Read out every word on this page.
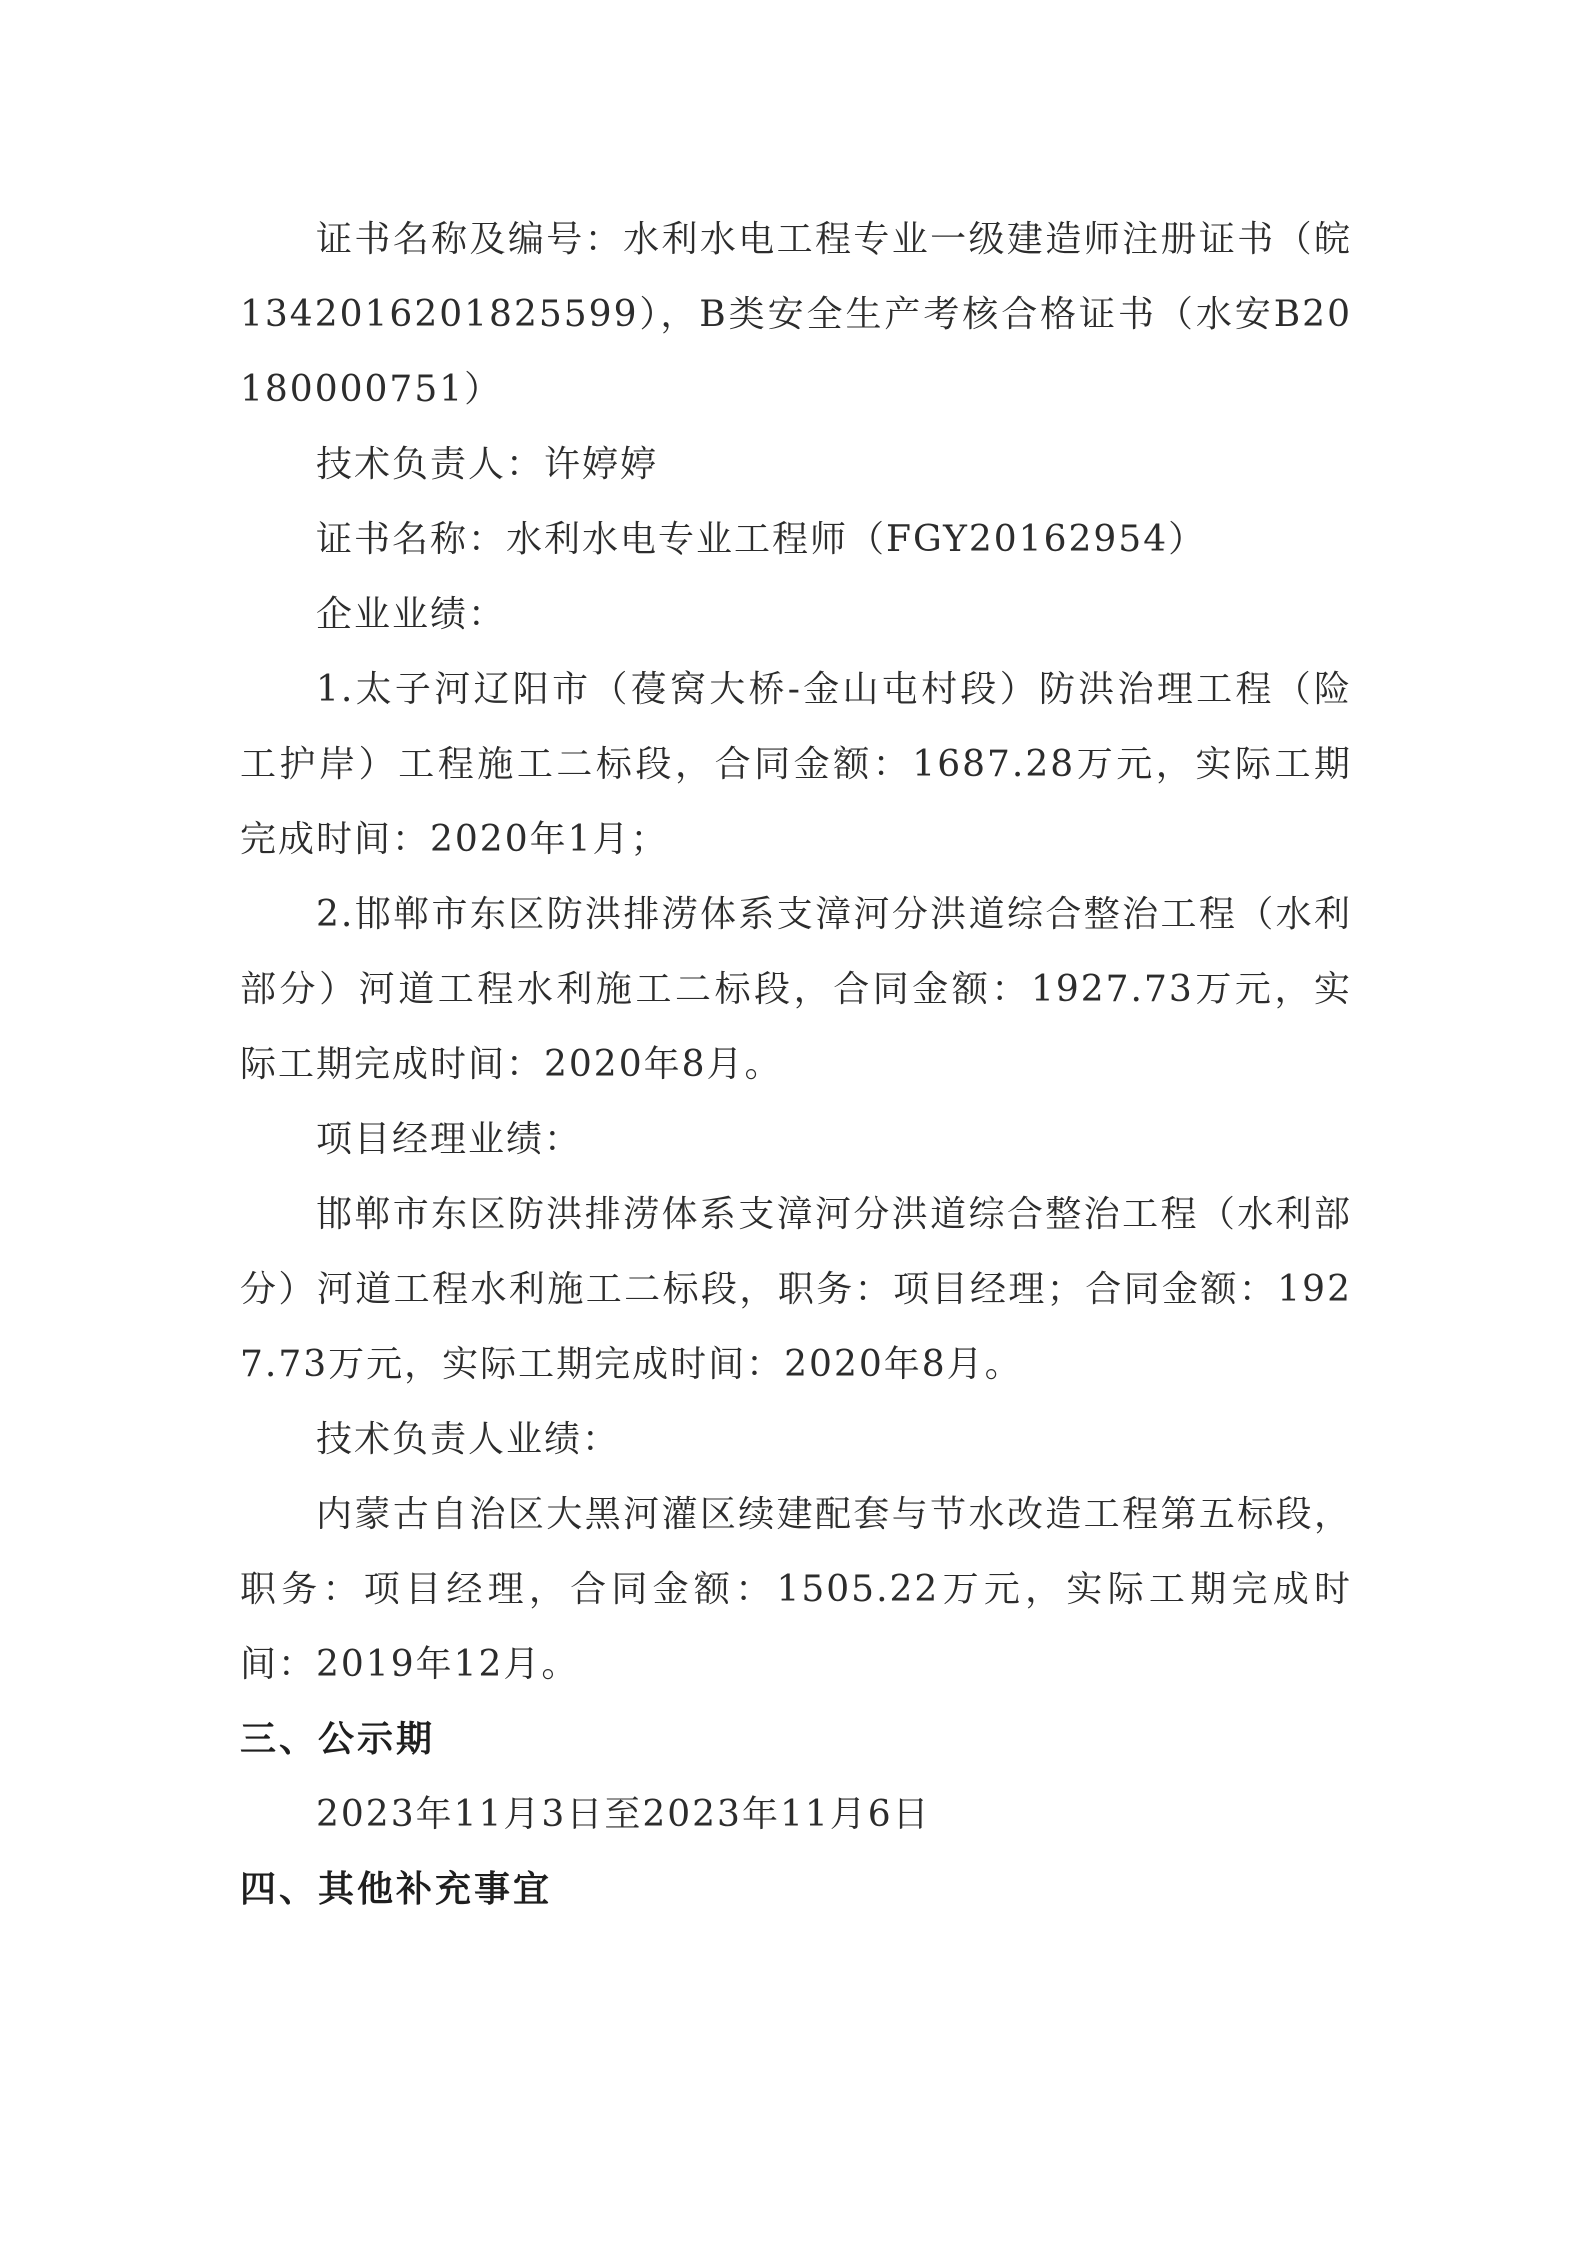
证书名称及编号：水利水电工程专业一级建造师注册证书（皖1342016201825599），B类安全生产考核合格证书（水安B20180000751）

技术负责人：许婷婷

证书名称：水利水电专业工程师（FGY20162954）

企业业绩：

1.太子河辽阳市（葠窝大桥-金山屯村段）防洪治理工程（险工护岸）工程施工二标段，合同金额：1687.28万元，实际工期完成时间：2020年1月；

2.邯郸市东区防洪排涝体系支漳河分洪道综合整治工程（水利部分）河道工程水利施工二标段，合同金额：1927.73万元，实际工期完成时间：2020年8月。

项目经理业绩：

邯郸市东区防洪排涝体系支漳河分洪道综合整治工程（水利部分）河道工程水利施工二标段，职务：项目经理；合同金额：1927.73万元，实际工期完成时间：2020年8月。

技术负责人业绩：

内蒙古自治区大黑河灌区续建配套与节水改造工程第五标段，职务：项目经理，合同金额：1505.22万元，实际工期完成时间：2019年12月。

三、公示期

2023年11月3日至2023年11月6日

四、其他补充事宜
